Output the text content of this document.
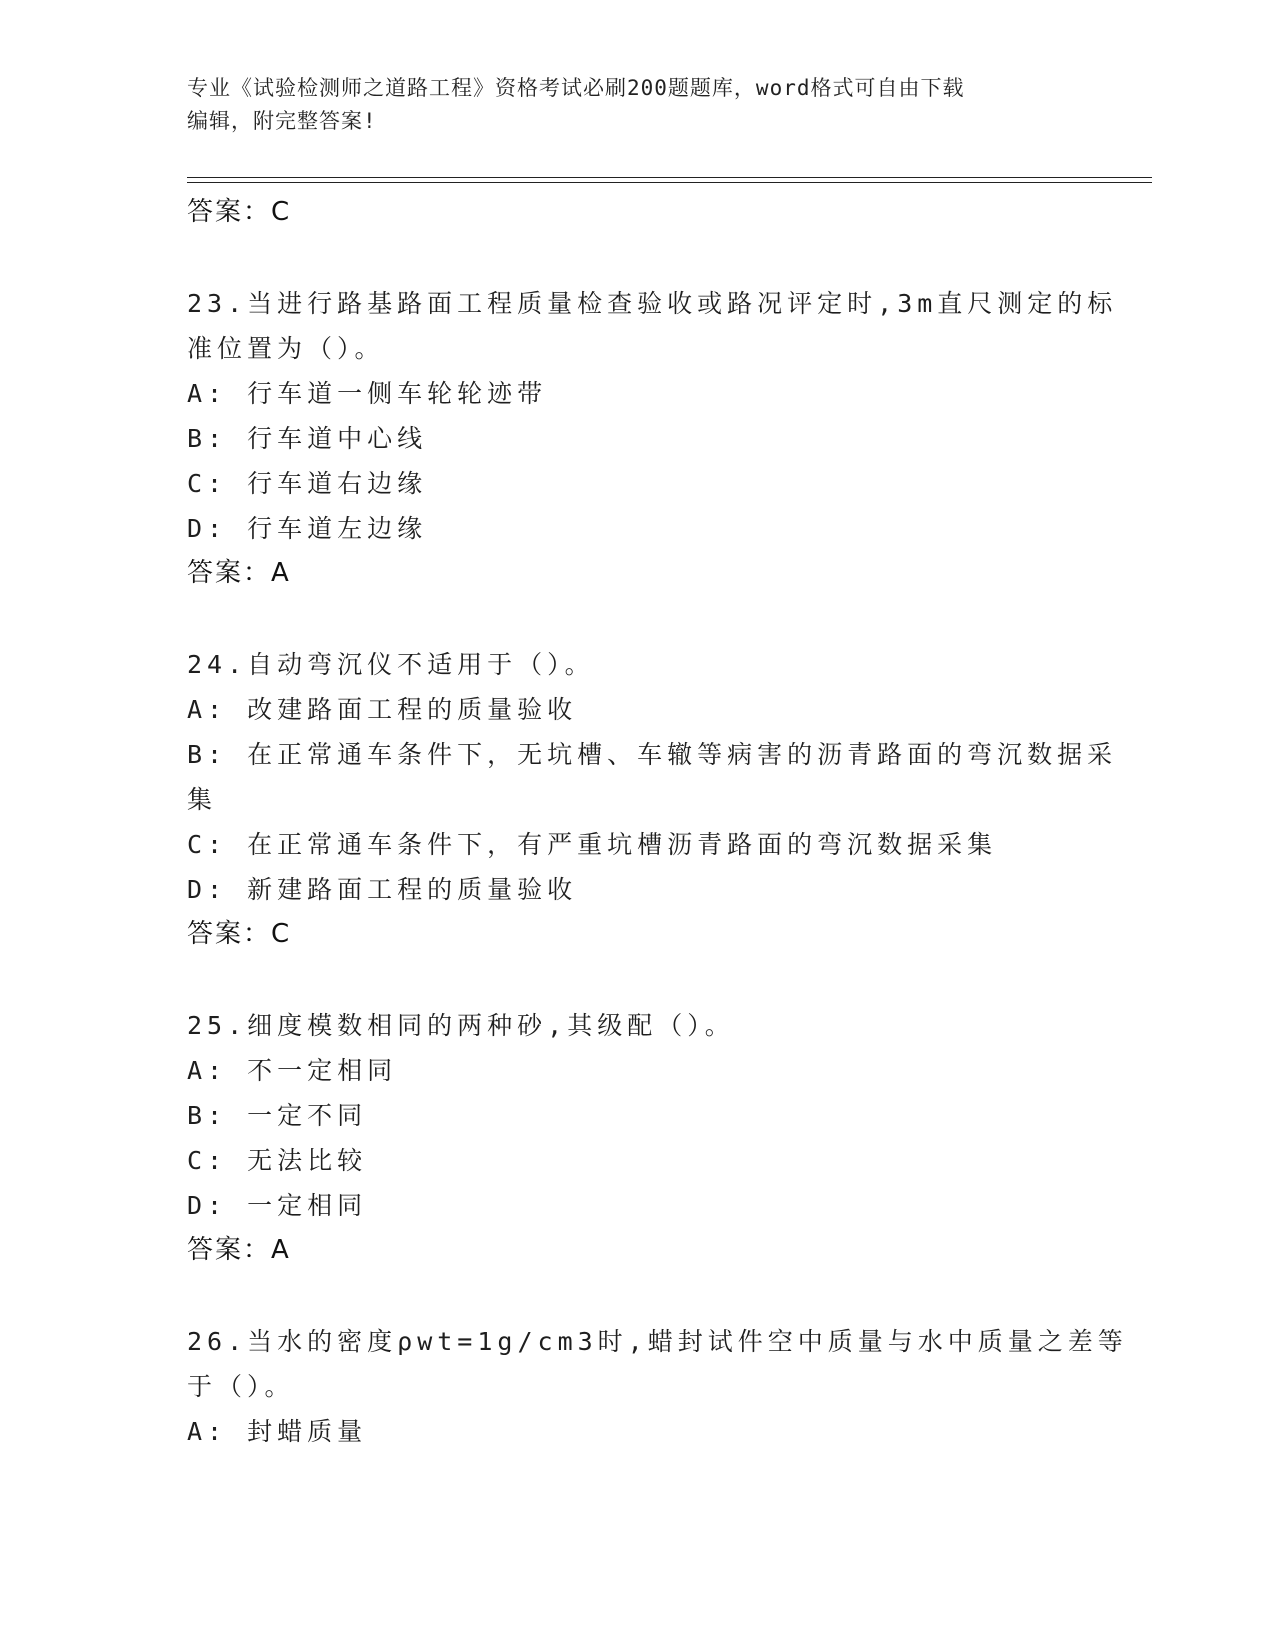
专业《试验检测师之道路工程》资格考试必刷200题题库，word格式可自由下载
编辑，附完整答案!
答案：C
23.当进行路基路面工程质量检查验收或路况评定时,3m直尺测定的标
准位置为（）。
A: 行车道一侧车轮轮迹带
B: 行车道中心线
C: 行车道右边缘
D: 行车道左边缘
答案：A
24.自动弯沉仪不适用于（）。
A: 改建路面工程的质量验收
B: 在正常通车条件下，无坑槽、车辙等病害的沥青路面的弯沉数据采
集
C: 在正常通车条件下，有严重坑槽沥青路面的弯沉数据采集
D: 新建路面工程的质量验收
答案：C
25.细度模数相同的两种砂,其级配（）。
A: 不一定相同
B: 一定不同
C: 无法比较
D: 一定相同
答案：A
26.当水的密度ρwt=1g/cm3时,蜡封试件空中质量与水中质量之差等
于（）。
A: 封蜡质量
